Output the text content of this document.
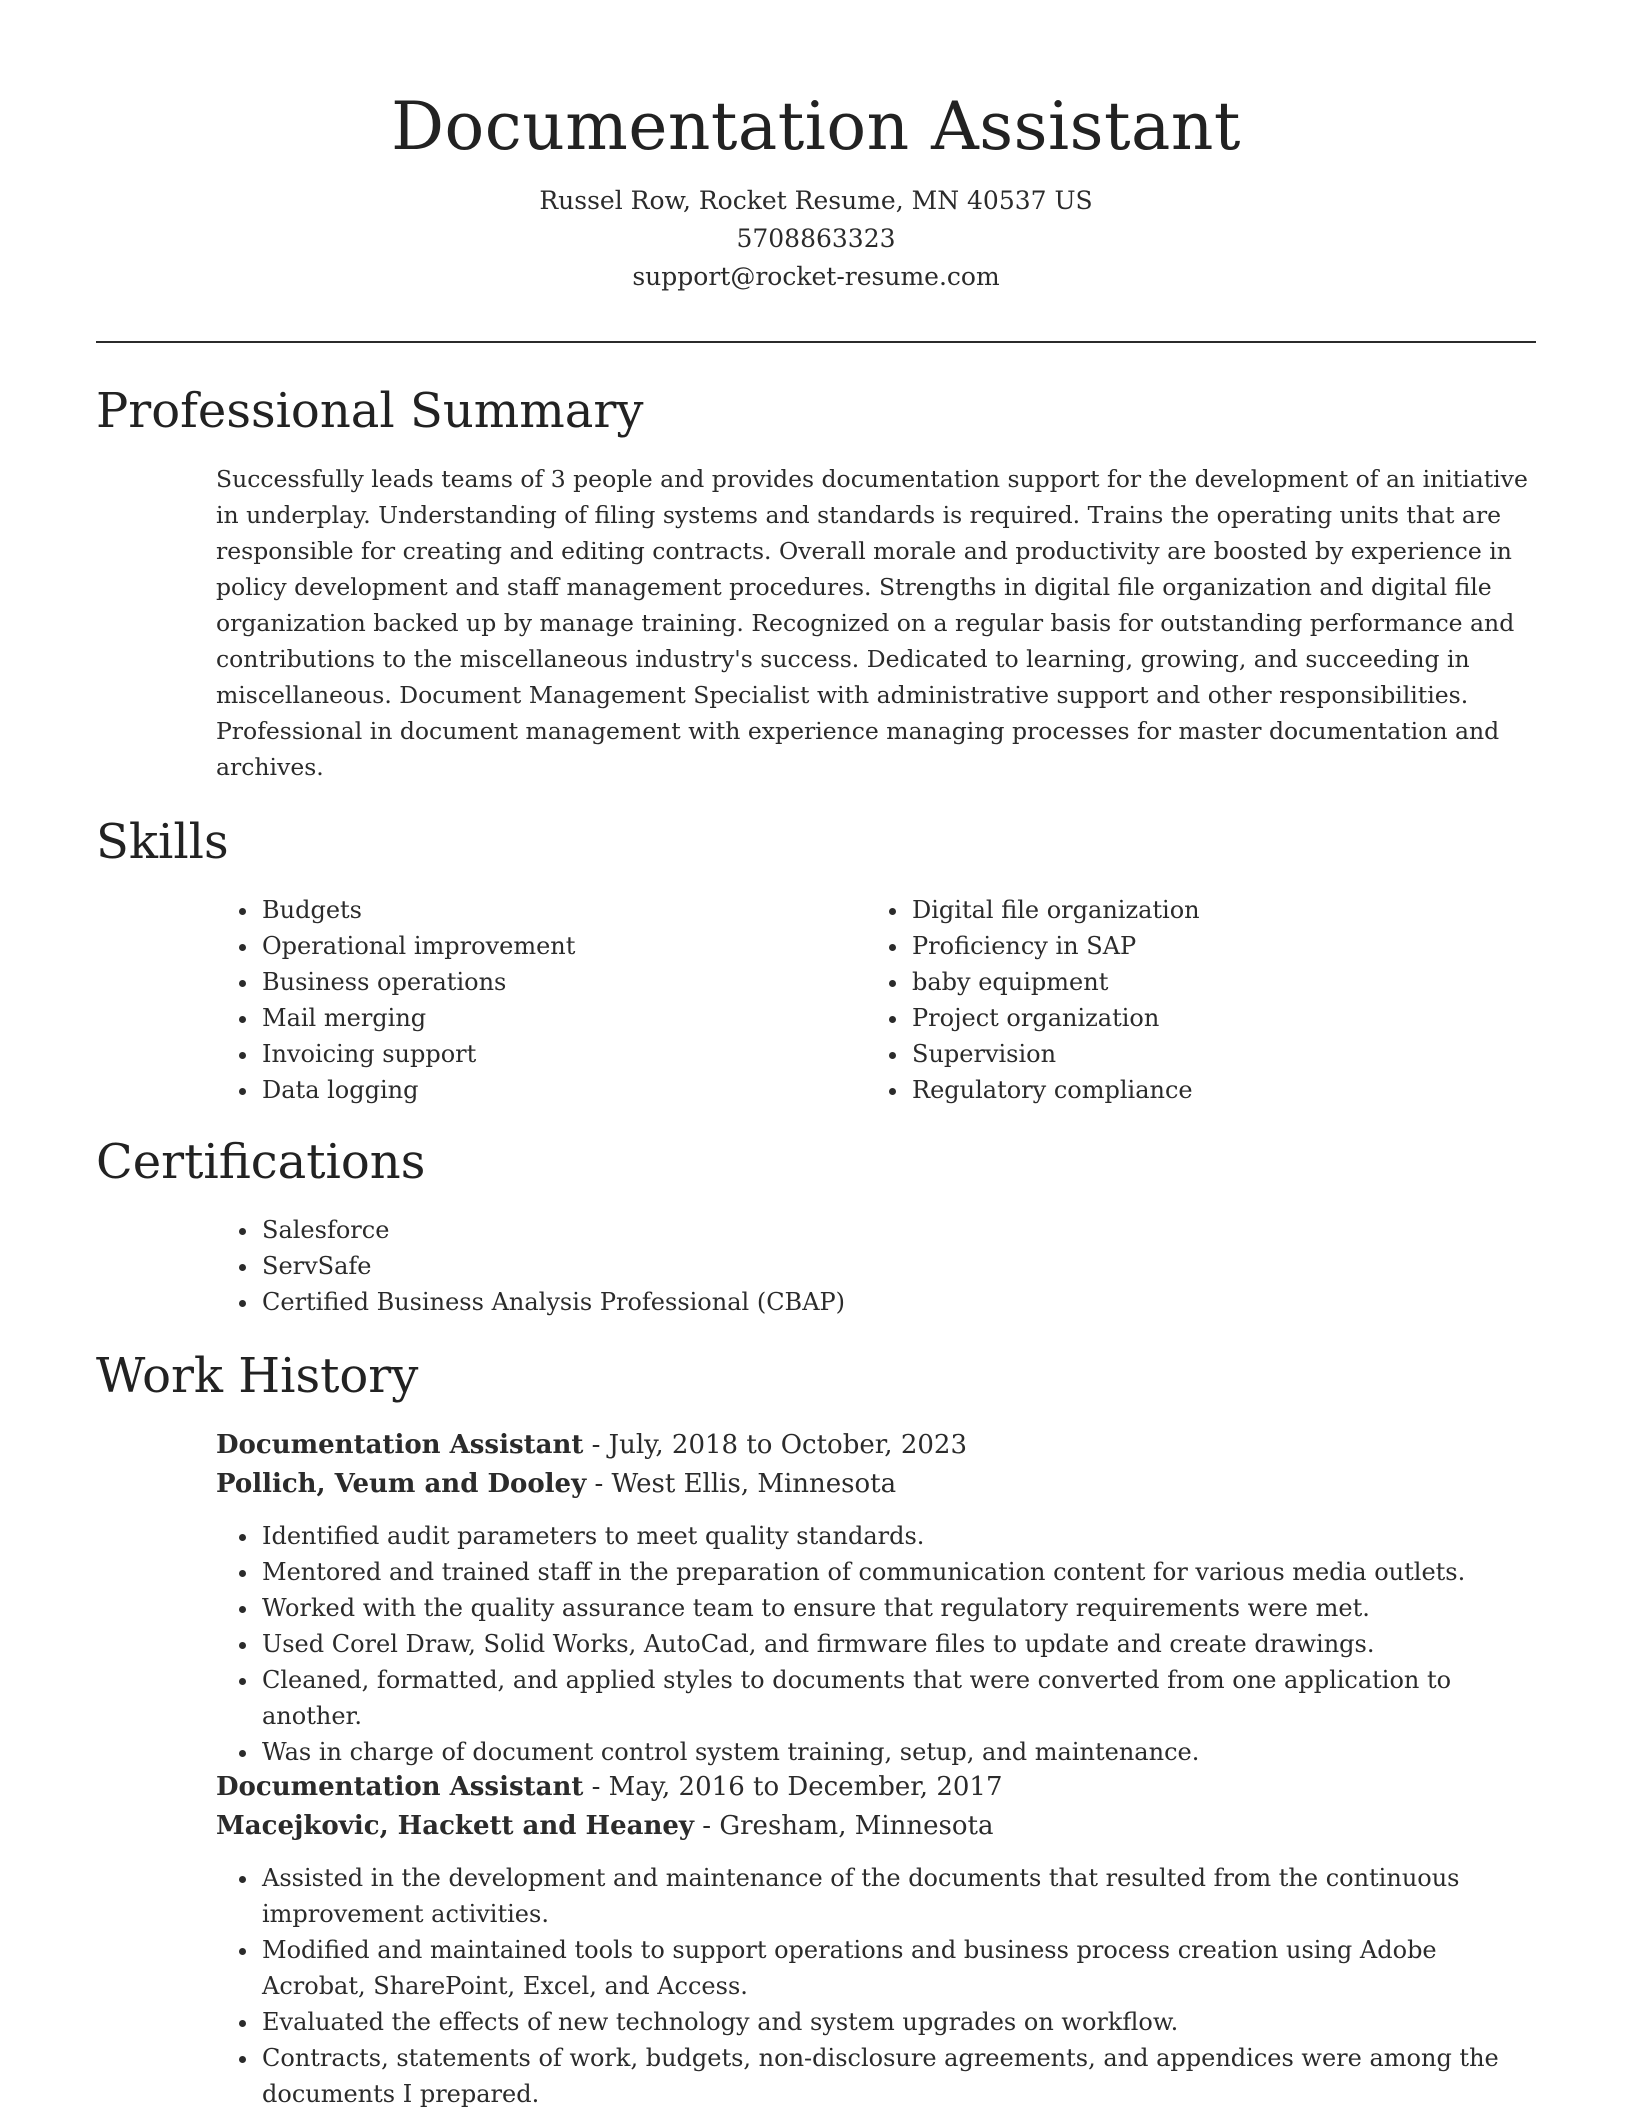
Documentation Assistant
Russel Row, Rocket Resume, MN 40537 US
5708863323
support@rocket-resume.com
Professional Summary

Successfully leads teams of 3 people and provides documentation support for the development of an initiative in underplay. Understanding of filing systems and standards is required. Trains the operating units that are responsible for creating and editing contracts. Overall morale and productivity are boosted by experience in policy development and staff management procedures. Strengths in digital file organization and digital file organization backed up by manage training. Recognized on a regular basis for outstanding performance and contributions to the miscellaneous industry's success. Dedicated to learning, growing, and succeeding in miscellaneous. Document Management Specialist with administrative support and other responsibilities. Professional in document management with experience managing processes for master documentation and archives.

Skills
• Budgets
• Operational improvement
• Business operations
• Mail merging
• Invoicing support
• Data logging
• Digital file organization
• Proficiency in SAP
• baby equipment
• Project organization
• Supervision
• Regulatory compliance
Certifications
• Salesforce
• ServSafe
• Certified Business Analysis Professional (CBAP)
Work History
Documentation Assistant - July, 2018 to October, 2023
Pollich, Veum and Dooley - West Ellis, Minnesota
• Identified audit parameters to meet quality standards.
• Mentored and trained staff in the preparation of communication content for various media outlets.
• Worked with the quality assurance team to ensure that regulatory requirements were met.
• Used Corel Draw, Solid Works, AutoCad, and firmware files to update and create drawings.
• Cleaned, formatted, and applied styles to documents that were converted from one application to another.
• Was in charge of document control system training, setup, and maintenance.
Documentation Assistant - May, 2016 to December, 2017
Macejkovic, Hackett and Heaney - Gresham, Minnesota
• Assisted in the development and maintenance of the documents that resulted from the continuous improvement activities.
• Modified and maintained tools to support operations and business process creation using Adobe Acrobat, SharePoint, Excel, and Access.
• Evaluated the effects of new technology and system upgrades on workflow.
• Contracts, statements of work, budgets, non-disclosure agreements, and appendices were among the documents I prepared.
